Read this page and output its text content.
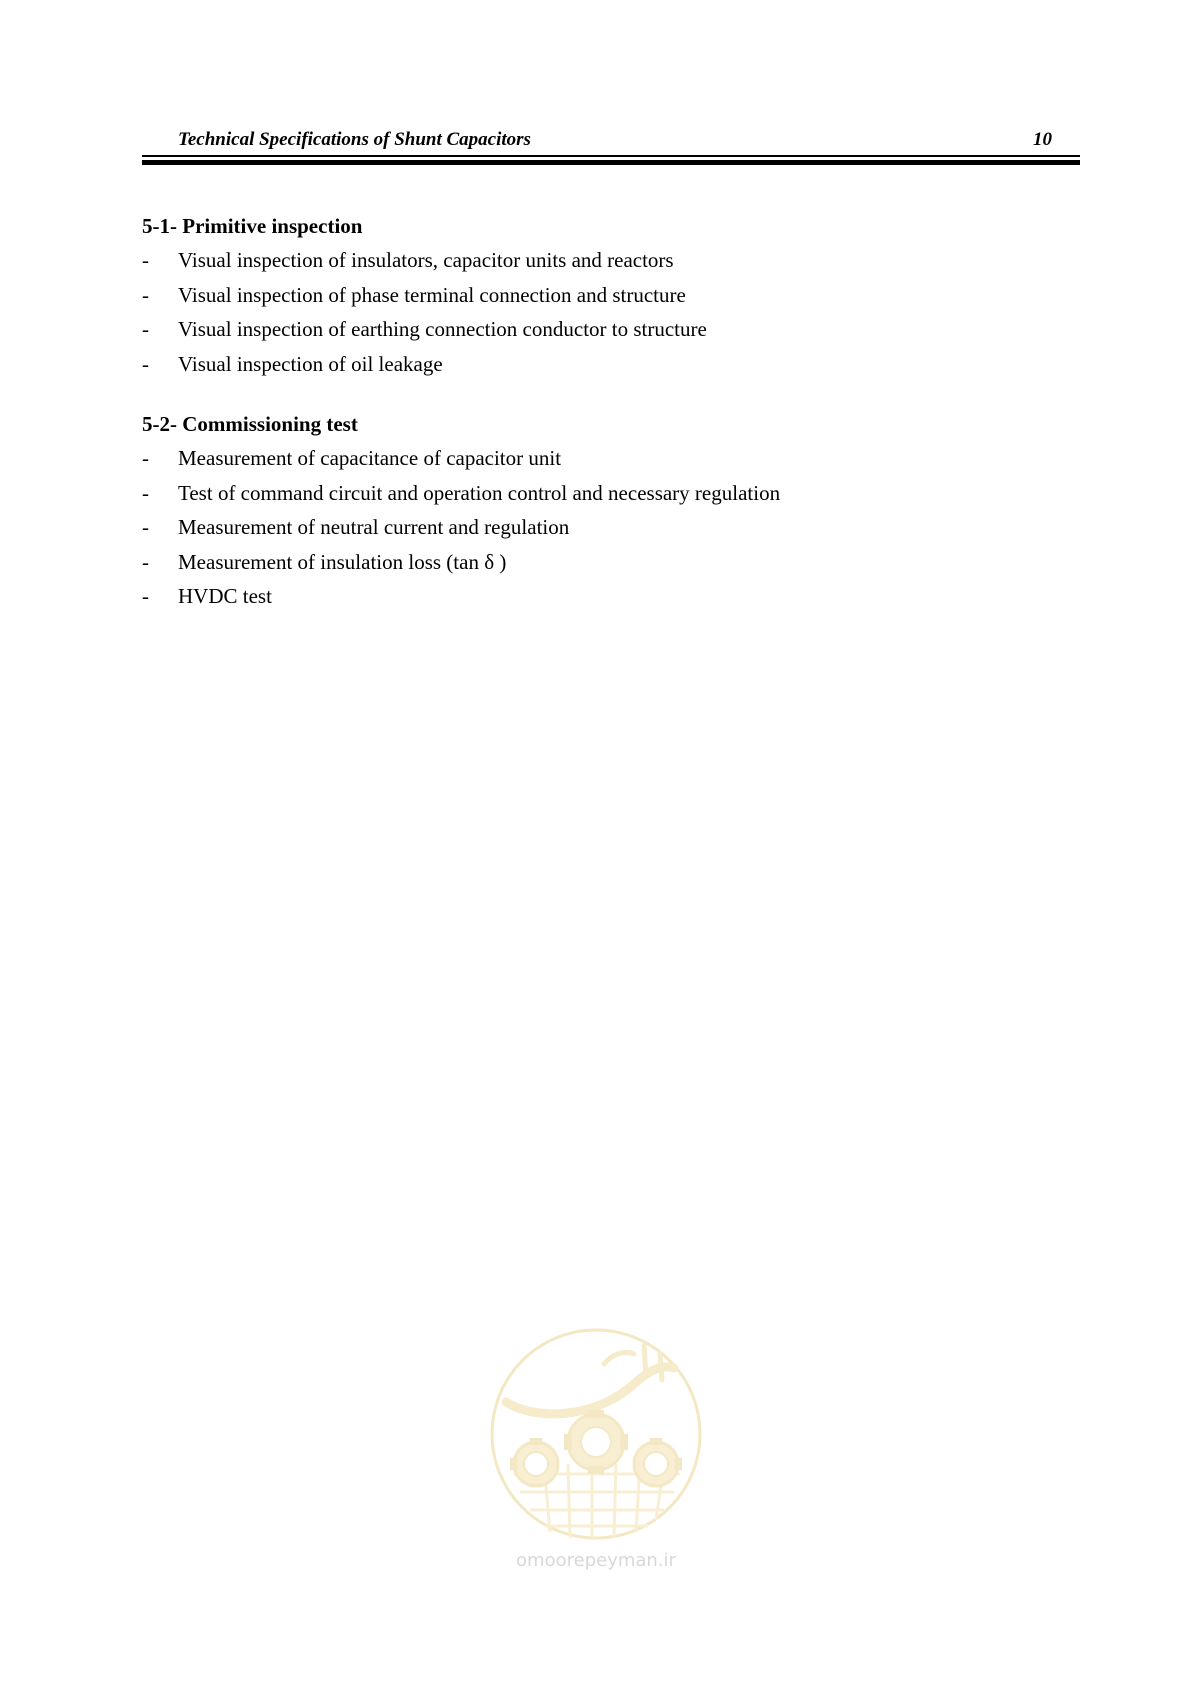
Technical Specifications of Shunt Capacitors	10
5-1- Primitive inspection
- Visual inspection of insulators, capacitor units and reactors
- Visual inspection of phase terminal connection and structure
- Visual inspection of earthing connection conductor to structure
- Visual inspection of oil leakage
5-2- Commissioning test
- Measurement of capacitance of capacitor unit
- Test of command circuit and operation control and necessary regulation
- Measurement of neutral current and regulation
- Measurement of insulation loss (tan δ )
- HVDC test
omoorepeyman.ir
